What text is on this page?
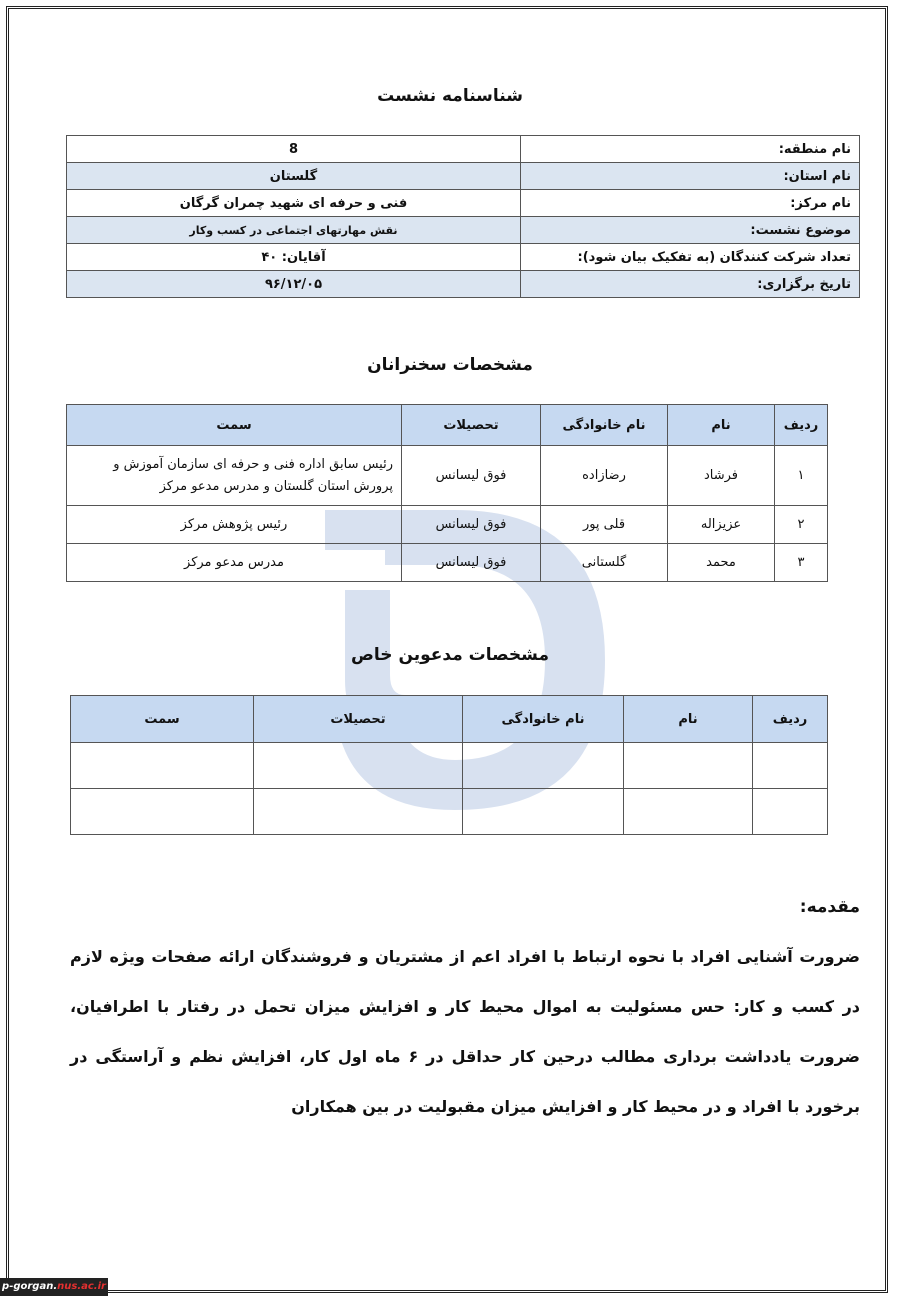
شناسنامه نشست
نام منطقه:	8
نام استان:	گلستان
نام مرکز:	فنی و حرفه ای شهید چمران گرگان
موضوع نشست:	نقش مهارتهای اجتماعی در کسب وکار
تعداد شرکت کنندگان (به تفکیک بیان شود):	آقایان: ۴۰
تاریخ برگزاری:	۹۶/۱۲/۰۵
مشخصات سخنرانان
ردیف	نام	نام خانوادگی	تحصیلات	سمت
۱	فرشاد	رضازاده	فوق لیسانس	رئیس سابق اداره فنی و حرفه ای سازمان آموزش و پرورش استان گلستان و مدرس مدعو مرکز
۲	عزیزاله	قلی پور	فوق لیسانس	رئیس پژوهش مرکز
۳	محمد	گلستانی	فوق لیسانس	مدرس مدعو مرکز
مشخصات مدعوین خاص
ردیف	نام	نام خانوادگی	تحصیلات	سمت

مقدمه:

ضرورت آشنایی افراد با نحوه ارتباط با افراد اعم از مشتریان و فروشندگان ارائه صفحات ویژه لازم در کسب و کار: حس مسئولیت به اموال محیط کار و افزایش میزان تحمل در رفتار با اطرافیان، ضرورت یادداشت برداری مطالب درحین کار حداقل در ۶ ماه اول کار، افزایش نظم و آراستگی در برخورد با افراد و در محیط کار و افزایش میزان مقبولیت در بین همکاران

p-gorgan.nus.ac.ir
